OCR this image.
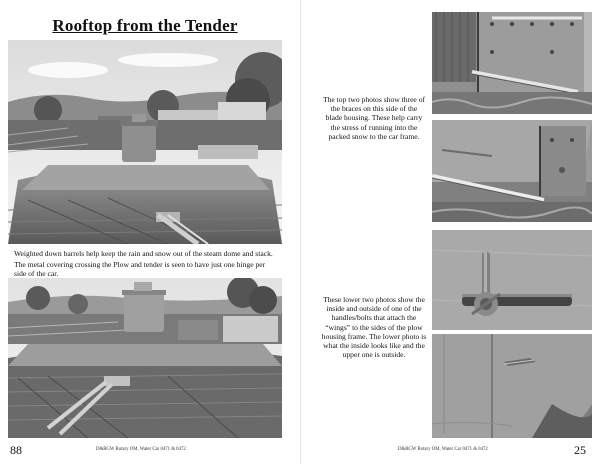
Rooftop from the Tender
Weighted down barrels help keep the rain and snow out of the steam dome and stack.
The metal covering crossing the Plow and tender is seen to have just one hinge per side of the car.
88	D&RGW Rotary OM, Water Car 0471 & 0472
The top two photos show three of the braces on this side of the blade housing. These help carry the stress of running into the packed snow to the car frame.
These lower two photos show the inside and outside of one of the handles/bolts that attach the “wings” to the sides of the plow housing frame. The lower photo is what the inside looks like and the upper one is outside.
D&RGW Rotary OM, Water Car 0471 & 0472	25
